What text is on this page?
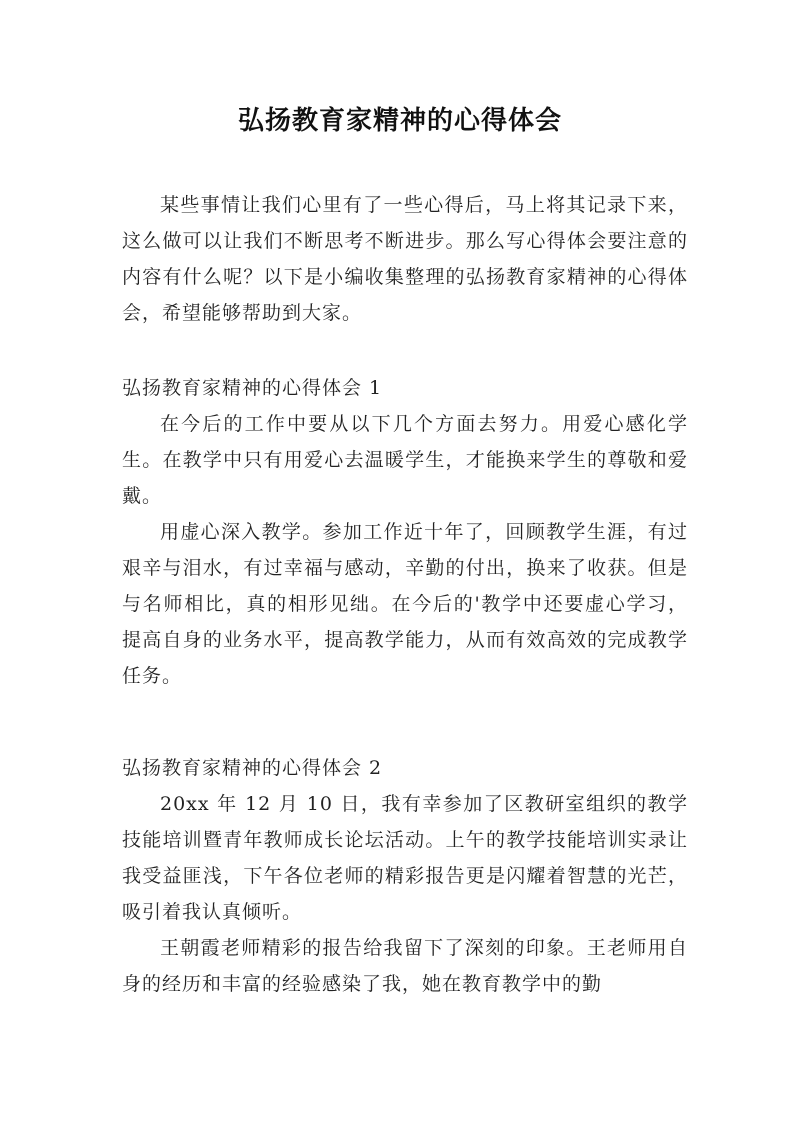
弘扬教育家精神的心得体会

某些事情让我们心里有了一些心得后，马上将其记录下来，这么做可以让我们不断思考不断进步。那么写心得体会要注意的内容有什么呢？以下是小编收集整理的弘扬教育家精神的心得体会，希望能够帮助到大家。

弘扬教育家精神的心得体会 1

在今后的工作中要从以下几个方面去努力。用爱心感化学生。在教学中只有用爱心去温暖学生，才能换来学生的尊敬和爱戴。

用虚心深入教学。参加工作近十年了，回顾教学生涯，有过艰辛与泪水，有过幸福与感动，辛勤的付出，换来了收获。但是与名师相比，真的相形见绌。在今后的'教学中还要虚心学习，提高自身的业务水平，提高教学能力，从而有效高效的完成教学任务。

弘扬教育家精神的心得体会 2

20xx 年 12 月 10 日，我有幸参加了区教研室组织的教学技能培训暨青年教师成长论坛活动。上午的教学技能培训实录让我受益匪浅，下午各位老师的精彩报告更是闪耀着智慧的光芒，吸引着我认真倾听。

王朝霞老师精彩的报告给我留下了深刻的印象。王老师用自身的经历和丰富的经验感染了我，她在教育教学中的勤
